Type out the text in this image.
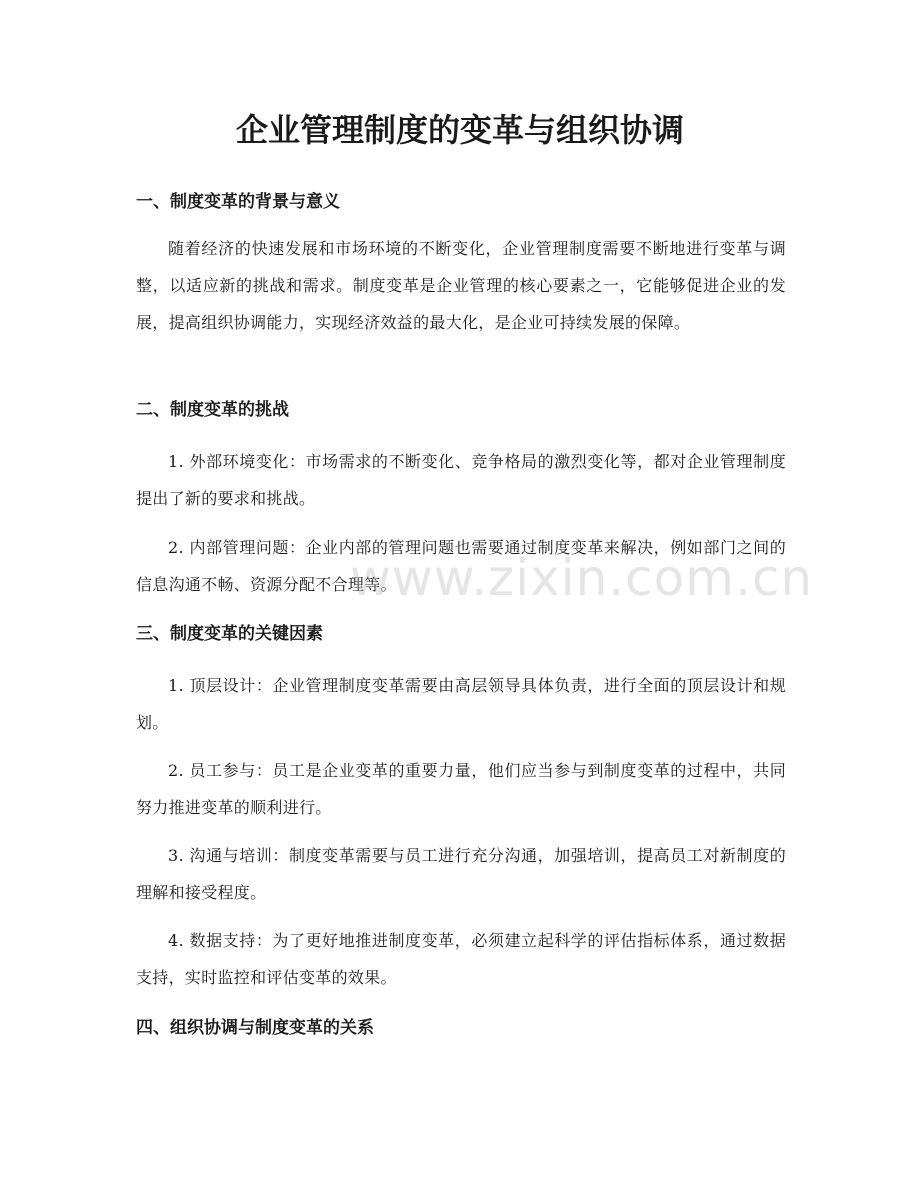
企业管理制度的变革与组织协调
一、制度变革的背景与意义

随着经济的快速发展和市场环境的不断变化，企业管理制度需要不断地进行变革与调整，以适应新的挑战和需求。制度变革是企业管理的核心要素之一，它能够促进企业的发展，提高组织协调能力，实现经济效益的最大化，是企业可持续发展的保障。

二、制度变革的挑战

1. 外部环境变化：市场需求的不断变化、竞争格局的激烈变化等，都对企业管理制度提出了新的要求和挑战。

2. 内部管理问题：企业内部的管理问题也需要通过制度变革来解决，例如部门之间的信息沟通不畅、资源分配不合理等。

三、制度变革的关键因素

1. 顶层设计：企业管理制度变革需要由高层领导具体负责，进行全面的顶层设计和规划。

2. 员工参与：员工是企业变革的重要力量，他们应当参与到制度变革的过程中，共同努力推进变革的顺利进行。

3. 沟通与培训：制度变革需要与员工进行充分沟通，加强培训，提高员工对新制度的理解和接受程度。

4. 数据支持：为了更好地推进制度变革，必须建立起科学的评估指标体系，通过数据支持，实时监控和评估变革的效果。

四、组织协调与制度变革的关系
www.zixin.com.cn
